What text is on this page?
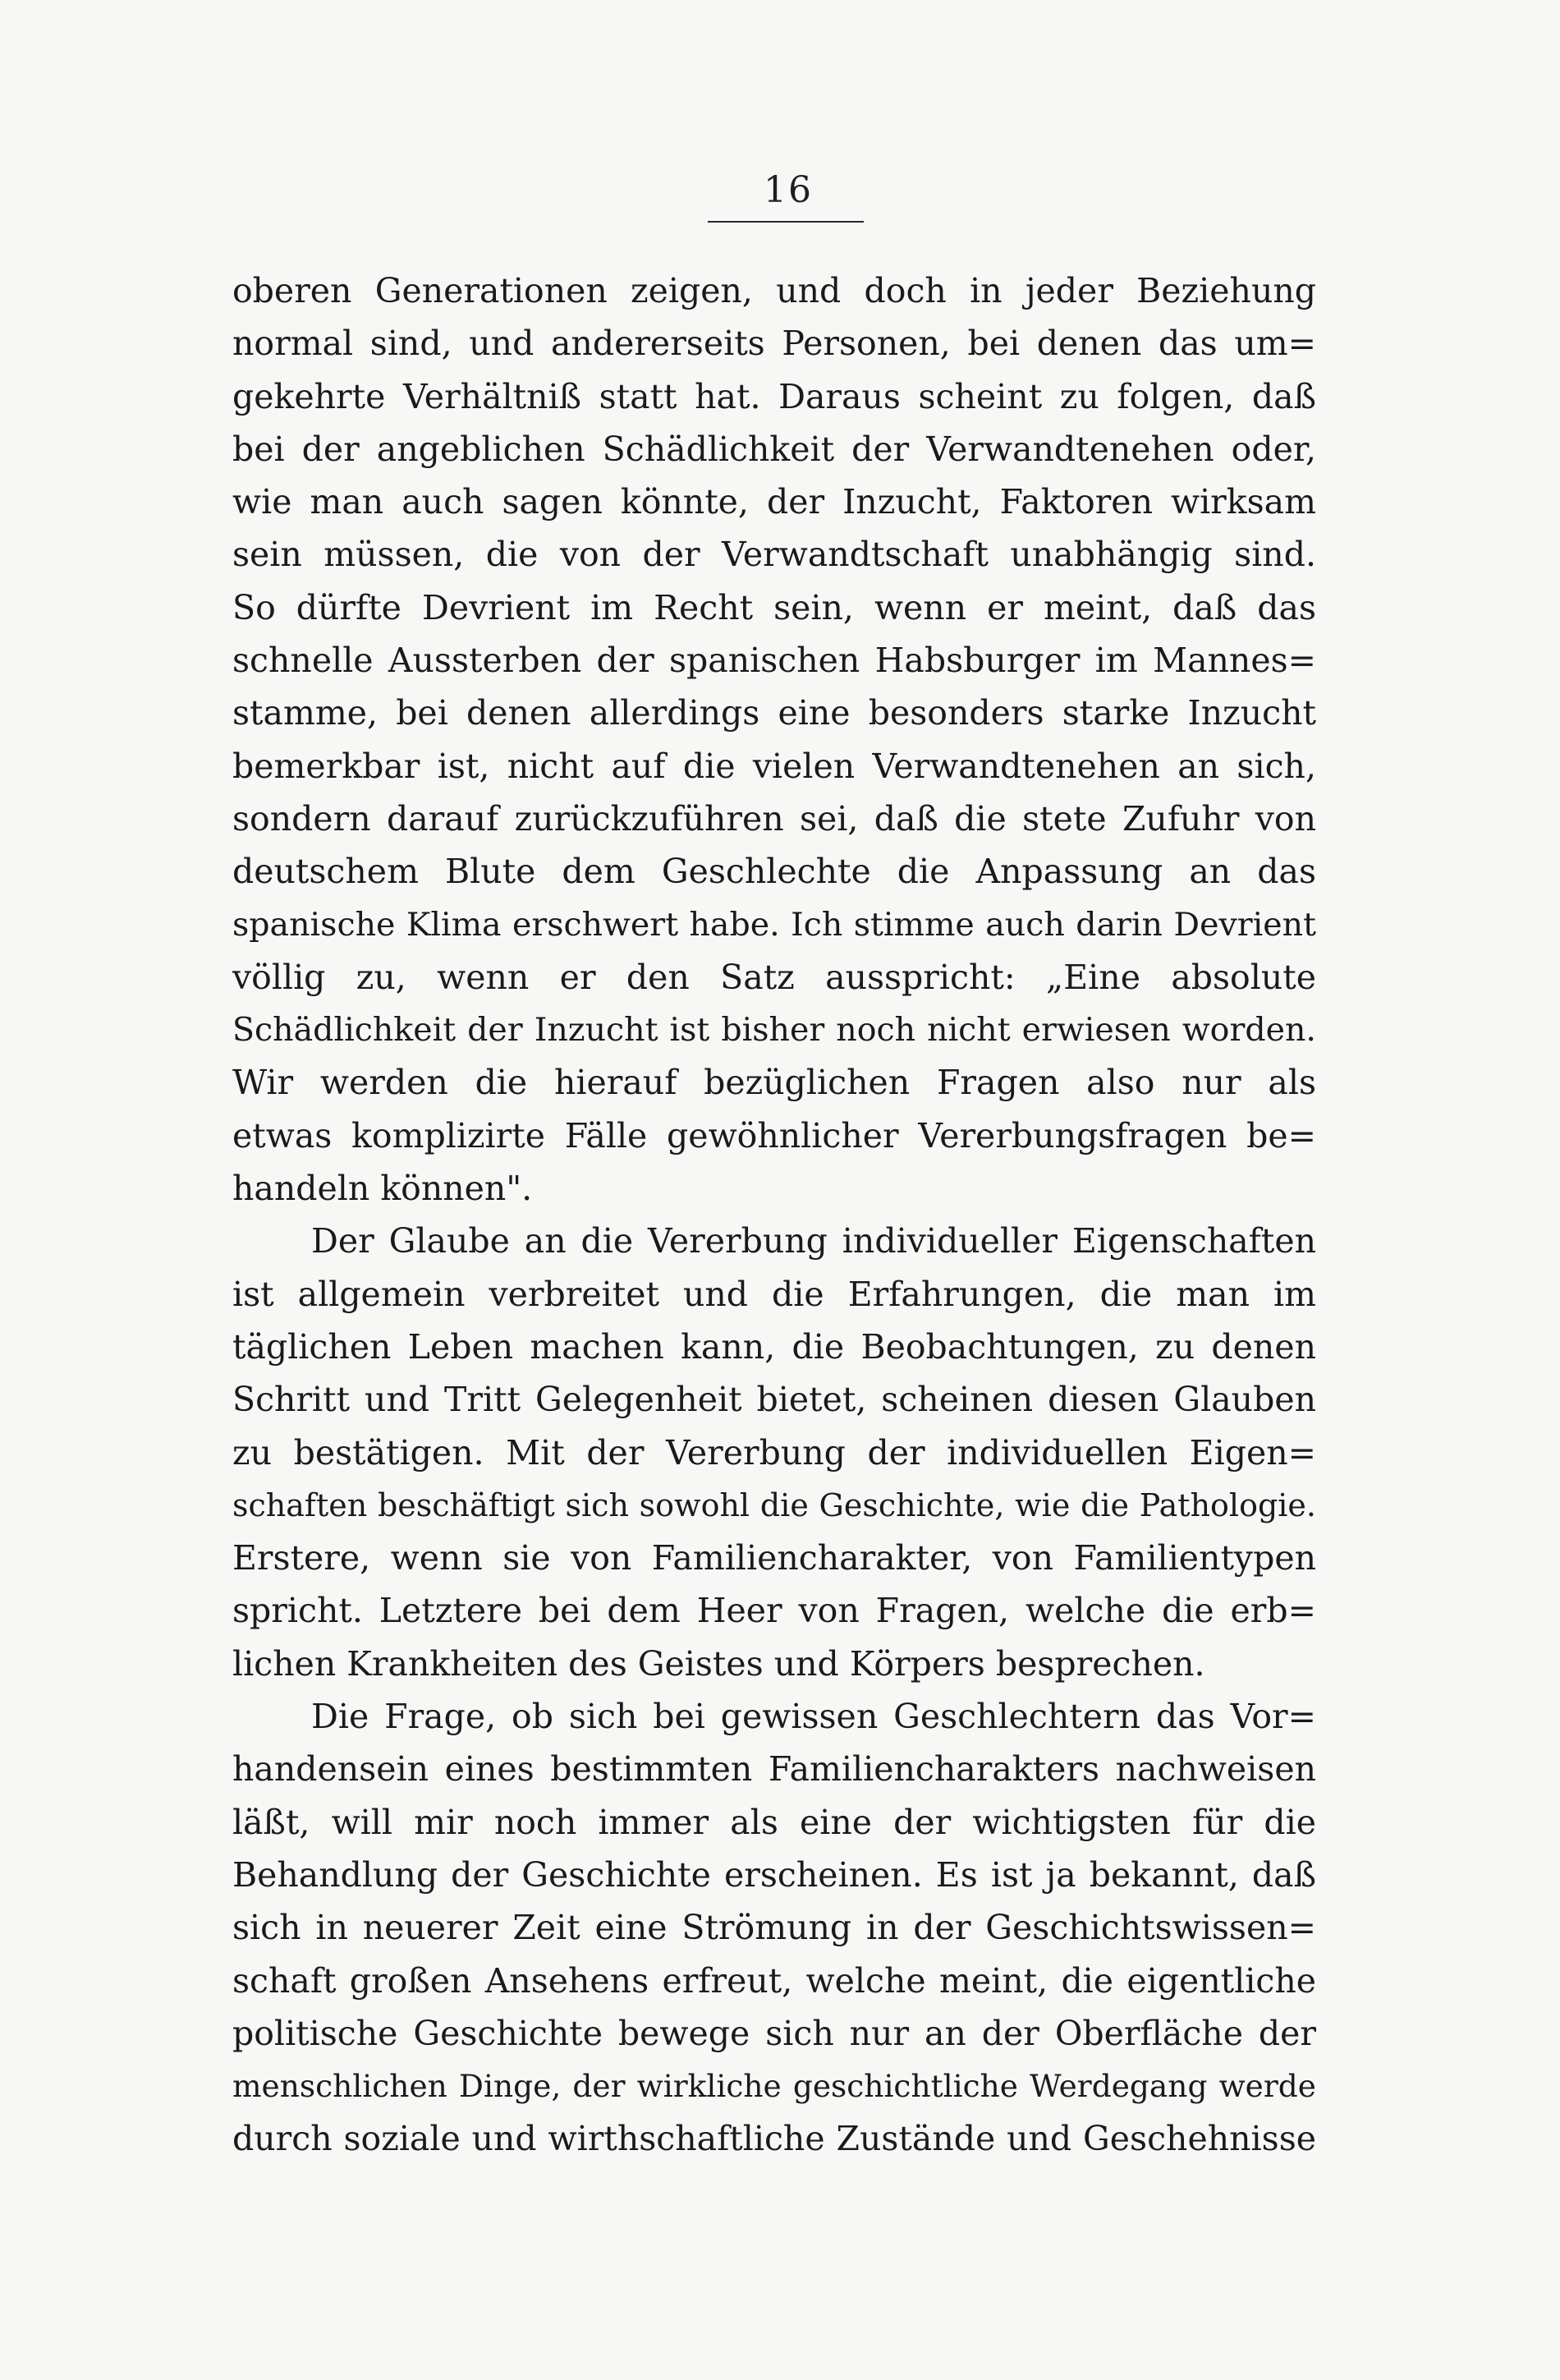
16
oberen Generationen zeigen, und doch in jeder Beziehung
normal sind, und andererseits Personen, bei denen das um=
gekehrte Verhältniß statt hat. Daraus scheint zu folgen, daß
bei der angeblichen Schädlichkeit der Verwandtenehen oder,
wie man auch sagen könnte, der Inzucht, Faktoren wirksam
sein müssen, die von der Verwandtschaft unabhängig sind.
So dürfte Devrient im Recht sein, wenn er meint, daß das
schnelle Aussterben der spanischen Habsburger im Mannes=
stamme, bei denen allerdings eine besonders starke Inzucht
bemerkbar ist, nicht auf die vielen Verwandtenehen an sich,
sondern darauf zurückzuführen sei, daß die stete Zufuhr von
deutschem Blute dem Geschlechte die Anpassung an das
spanische Klima erschwert habe. Ich stimme auch darin Devrient
völlig zu, wenn er den Satz ausspricht: „Eine absolute
Schädlichkeit der Inzucht ist bisher noch nicht erwiesen worden.
Wir werden die hierauf bezüglichen Fragen also nur als
etwas komplizirte Fälle gewöhnlicher Vererbungsfragen be=
handeln können".
Der Glaube an die Vererbung individueller Eigenschaften
ist allgemein verbreitet und die Erfahrungen, die man im
täglichen Leben machen kann, die Beobachtungen, zu denen
Schritt und Tritt Gelegenheit bietet, scheinen diesen Glauben
zu bestätigen. Mit der Vererbung der individuellen Eigen=
schaften beschäftigt sich sowohl die Geschichte, wie die Pathologie.
Erstere, wenn sie von Familiencharakter, von Familientypen
spricht. Letztere bei dem Heer von Fragen, welche die erb=
lichen Krankheiten des Geistes und Körpers besprechen.
Die Frage, ob sich bei gewissen Geschlechtern das Vor=
handensein eines bestimmten Familiencharakters nachweisen
läßt, will mir noch immer als eine der wichtigsten für die
Behandlung der Geschichte erscheinen. Es ist ja bekannt, daß
sich in neuerer Zeit eine Strömung in der Geschichtswissen=
schaft großen Ansehens erfreut, welche meint, die eigentliche
politische Geschichte bewege sich nur an der Oberfläche der
menschlichen Dinge, der wirkliche geschichtliche Werdegang werde
durch soziale und wirthschaftliche Zustände und Geschehnisse
